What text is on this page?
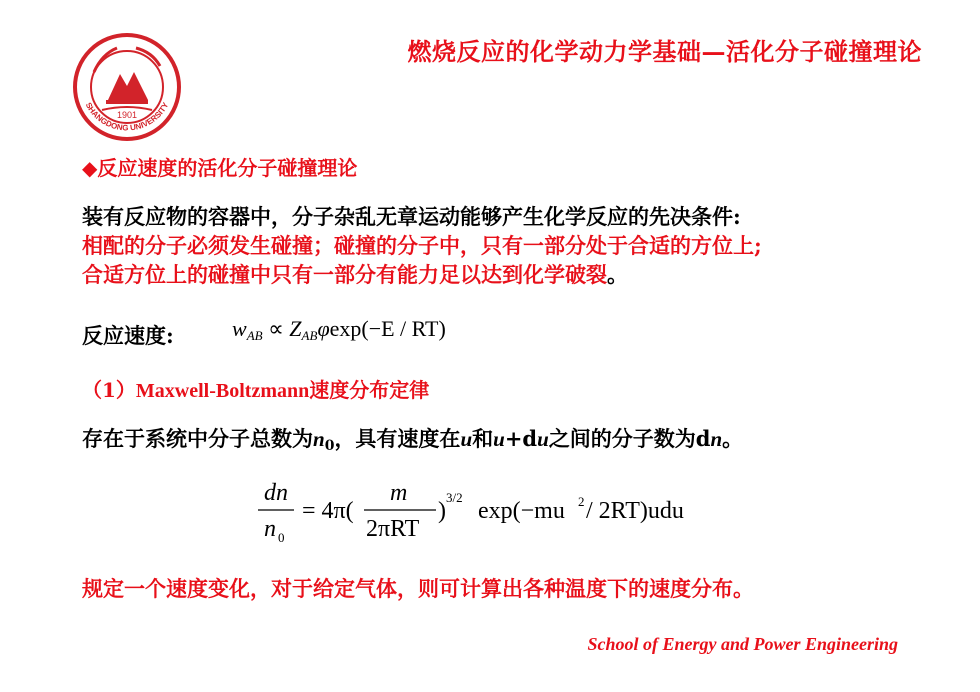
1901
SHANGDONG UNIVERSITY
燃烧反应的化学动力学基础—活化分子碰撞理论
◆反应速度的活化分子碰撞理论
装有反应物的容器中，分子杂乱无章运动能够产生化学反应的先决条件:
相配的分子必须发生碰撞；碰撞的分子中，只有一部分处于合适的方位上;
合适方位上的碰撞中只有一部分有能力足以达到化学破裂。
反应速度:	$w_{AB} \propto Z_{AB}\varphi\exp(-E / RT)$
（1）Maxwell-Boltzmann速度分布定律
存在于系统中分子总数为$n_0$，具有速度在u和u+du之间的分子数为dn。
dn
n 0
= 4π(
m
2πRT
)
3/2
exp(−mu 2 / 2RT)udu
规定一个速度变化，对于给定气体，则可计算出各种温度下的速度分布。
School of Energy and Power Engineering
